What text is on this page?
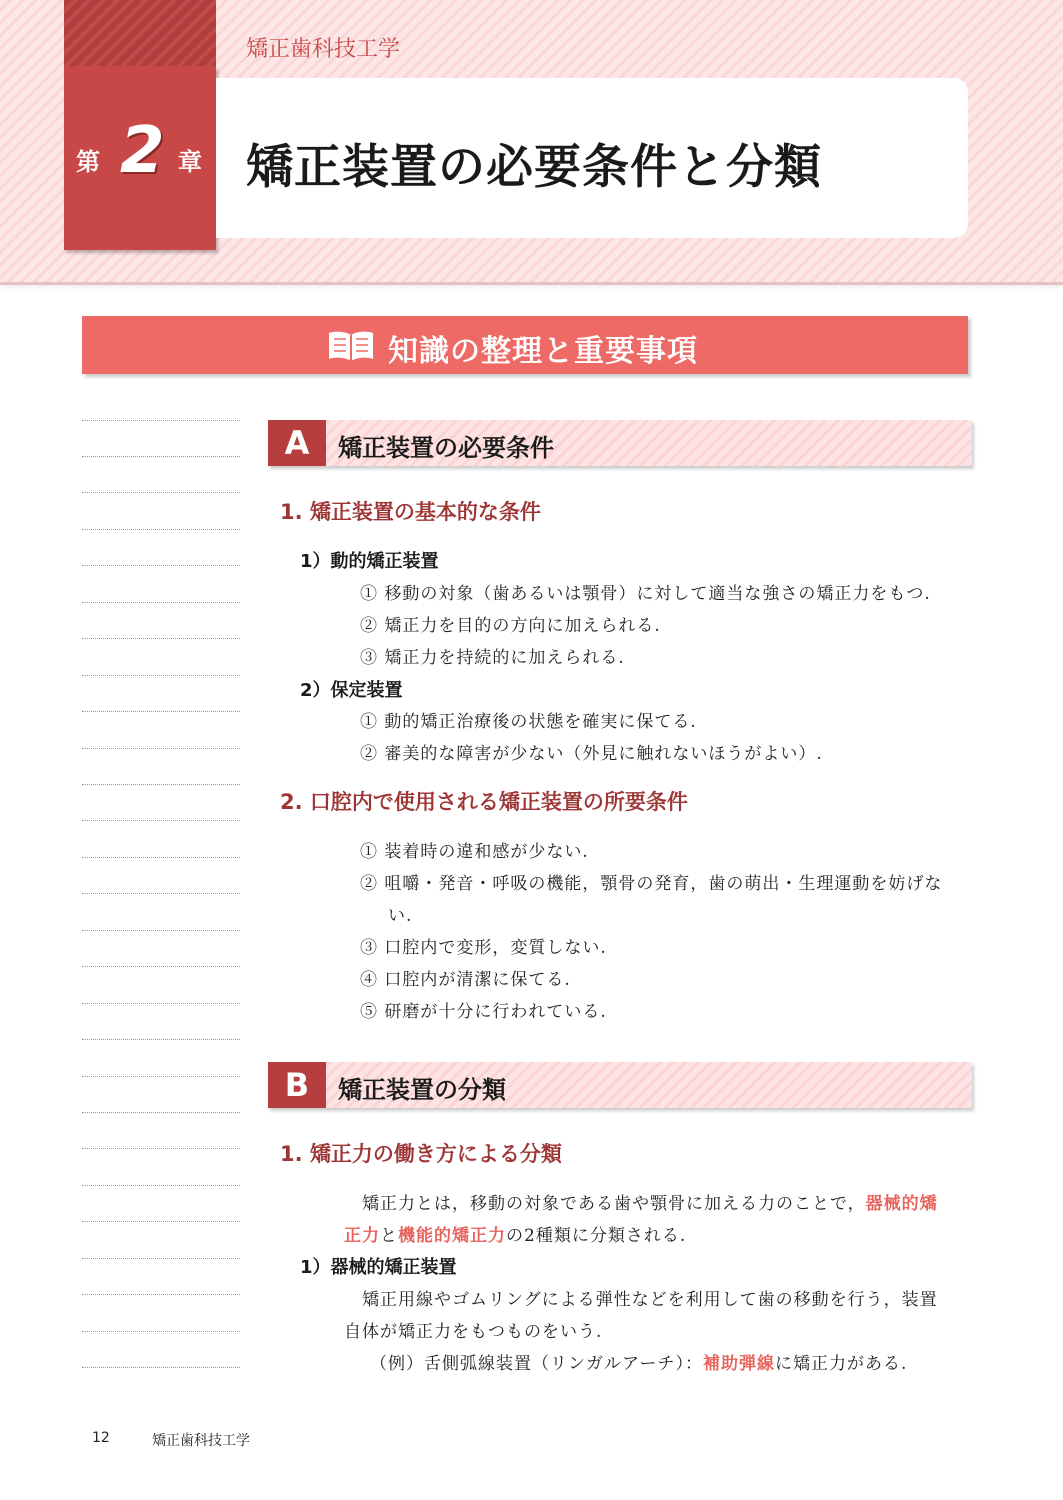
矯正歯科技工学
第 2 章 矯正装置の必要条件と分類
知識の整理と重要事項
A	矯正装置の必要条件
1. 矯正装置の基本的な条件
1）動的矯正装置
① 移動の対象（歯あるいは顎骨）に対して適当な強さの矯正力をもつ.
② 矯正力を目的の方向に加えられる.
③ 矯正力を持続的に加えられる.
2）保定装置
① 動的矯正治療後の状態を確実に保てる.
② 審美的な障害が少ない（外見に触れないほうがよい）.
2. 口腔内で使用される矯正装置の所要条件
① 装着時の違和感が少ない.
② 咀嚼・発音・呼吸の機能，顎骨の発育，歯の萌出・生理運動を妨げな
い.
③ 口腔内で変形，変質しない.
④ 口腔内が清潔に保てる.
⑤ 研磨が十分に行われている.
B	矯正装置の分類
1. 矯正力の働き方による分類
矯正力とは，移動の対象である歯や顎骨に加える力のことで，器械的矯
正力と機能的矯正力の2種類に分類される.
1）器械的矯正装置
矯正用線やゴムリングによる弾性などを利用して歯の移動を行う，装置
自体が矯正力をもつものをいう.
（例）舌側弧線装置（リンガルアーチ）：補助弾線に矯正力がある.
12	矯正歯科技工学
